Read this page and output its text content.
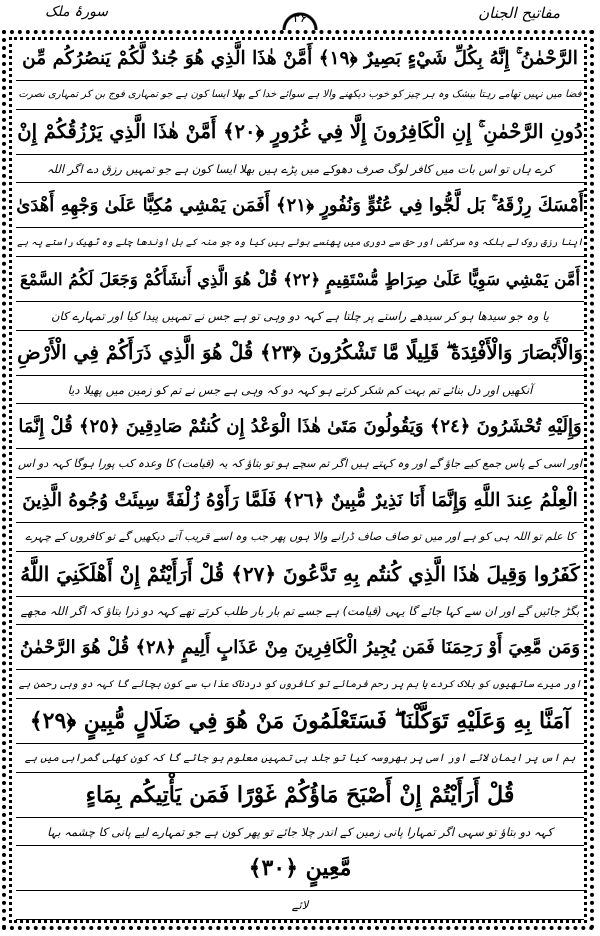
مفاتیح الجنان
۳۶
سورۂ ملک
الرَّحْمٰنُ ۚ إِنَّهُ بِكُلِّ شَيْءٍ بَصِيرٌ ﴿١٩﴾ أَمَّنْ هٰذَا الَّذِي هُوَ جُندٌ لَّكُمْ يَنصُرُكُم مِّن
فضا میں نہیں تھامے رہتا بیشک وہ ہر چیز کو خوب دیکھنے والا ہے سوائے خدا کے بھلا ایسا کون ہے جو تمہاری فوج بن کر تمہاری نصرت
دُونِ الرَّحْمٰنِ ۚ إِنِ الْكَافِرُونَ إِلَّا فِي غُرُورٍ ﴿٢٠﴾ أَمَّنْ هٰذَا الَّذِي يَرْزُقُكُمْ إِنْ
کرے ہاں تو اس بات میں کافر لوگ صرف دھوکے میں پڑے ہیں بھلا ایسا کون ہے جو تمہیں رزق دے اگر اللہ
أَمْسَكَ رِزْقَهُ ۚ بَل لَّجُّوا فِي عُتُوٍّ وَنُفُورٍ ﴿٢١﴾ أَفَمَن يَمْشِي مُكِبًّا عَلَىٰ وَجْهِهِ أَهْدَىٰ
اپنا رزق روک لے بلکہ وہ سرکشی اور حق سے دوری میں پھنسے ہوئے ہیں کیا وہ جو منہ کے بل اوندھا چلے وہ ٹھیک راستے پہ ہے
أَمَّن يَمْشِي سَوِيًّا عَلَىٰ صِرَاطٍ مُّسْتَقِيمٍ ﴿٢٢﴾ قُلْ هُوَ الَّذِي أَنشَأَكُمْ وَجَعَلَ لَكُمُ السَّمْعَ
یا وہ جو سیدھا ہو کر سیدھے راستے پر چلتا ہے کہہ دو وہی تو ہے جس نے تمہیں پیدا کیا اور تمہارے کان
وَالْأَبْصَارَ وَالْأَفْئِدَةَ ۖ قَلِيلًا مَّا تَشْكُرُونَ ﴿٢٣﴾ قُلْ هُوَ الَّذِي ذَرَأَكُمْ فِي الْأَرْضِ
آنکھیں اور دل بنائے تم بہت کم شکر کرتے ہو کہہ دو کہ وہی ہے جس نے تم کو زمین میں پھیلا دیا
وَإِلَيْهِ تُحْشَرُونَ ﴿٢٤﴾ وَيَقُولُونَ مَتَىٰ هٰذَا الْوَعْدُ إِن كُنتُمْ صَادِقِينَ ﴿٢٥﴾ قُلْ إِنَّمَا
اور اسی کے پاس جمع کیے جاؤ گے اور وہ کہتے ہیں اگر تم سچے ہو تو بتاؤ کہ یہ (قیامت) کا وعدہ کب پورا ہوگا کہہ دو اس
الْعِلْمُ عِندَ اللَّهِ وَإِنَّمَا أَنَا نَذِيرٌ مُّبِينٌ ﴿٢٦﴾ فَلَمَّا رَأَوْهُ زُلْفَةً سِيئَتْ وُجُوهُ الَّذِينَ
کا علم تو اللہ ہی کو ہے اور میں تو صاف صاف ڈرانے والا ہوں پھر جب وہ اسے قریب آتے دیکھیں گے تو کافروں کے چہرے
كَفَرُوا وَقِيلَ هٰذَا الَّذِي كُنتُم بِهِ تَدَّعُونَ ﴿٢٧﴾ قُلْ أَرَأَيْتُمْ إِنْ أَهْلَكَنِيَ اللَّهُ
بگڑ جائیں گے اور ان سے کہا جائے گا یہی (قیامت) ہے جسے تم بار بار طلب کرتے تھے کہہ دو ذرا بتاؤ کہ اگر اللہ مجھے
وَمَن مَّعِيَ أَوْ رَحِمَنَا فَمَن يُجِيرُ الْكَافِرِينَ مِنْ عَذَابٍ أَلِيمٍ ﴿٢٨﴾ قُلْ هُوَ الرَّحْمٰنُ
اور میرے ساتھیوں کو ہلاک کردے یا ہم پر رحم فرمائے تو کافروں کو دردناک عذاب سے کون بچائے گا کہہ دو وہی رحمن ہے
آمَنَّا بِهِ وَعَلَيْهِ تَوَكَّلْنَا ۖ فَسَتَعْلَمُونَ مَنْ هُوَ فِي ضَلَالٍ مُّبِينٍ ﴿٢٩﴾
ہم اس پر ایمان لائے اور اسی پر بھروسہ کیا تو جلد ہی تمہیں معلوم ہو جائے گا کہ کون کھلی گمراہی میں ہے
قُلْ أَرَأَيْتُمْ إِنْ أَصْبَحَ مَاؤُكُمْ غَوْرًا فَمَن يَأْتِيكُم بِمَاءٍ
کہہ دو بتاؤ تو سہی اگر تمہارا پانی زمین کے اندر چلا جائے تو پھر کون ہے جو تمہارے لیے پانی کا چشمہ بہا
مَّعِينٍ ﴿٣٠﴾
لائے
